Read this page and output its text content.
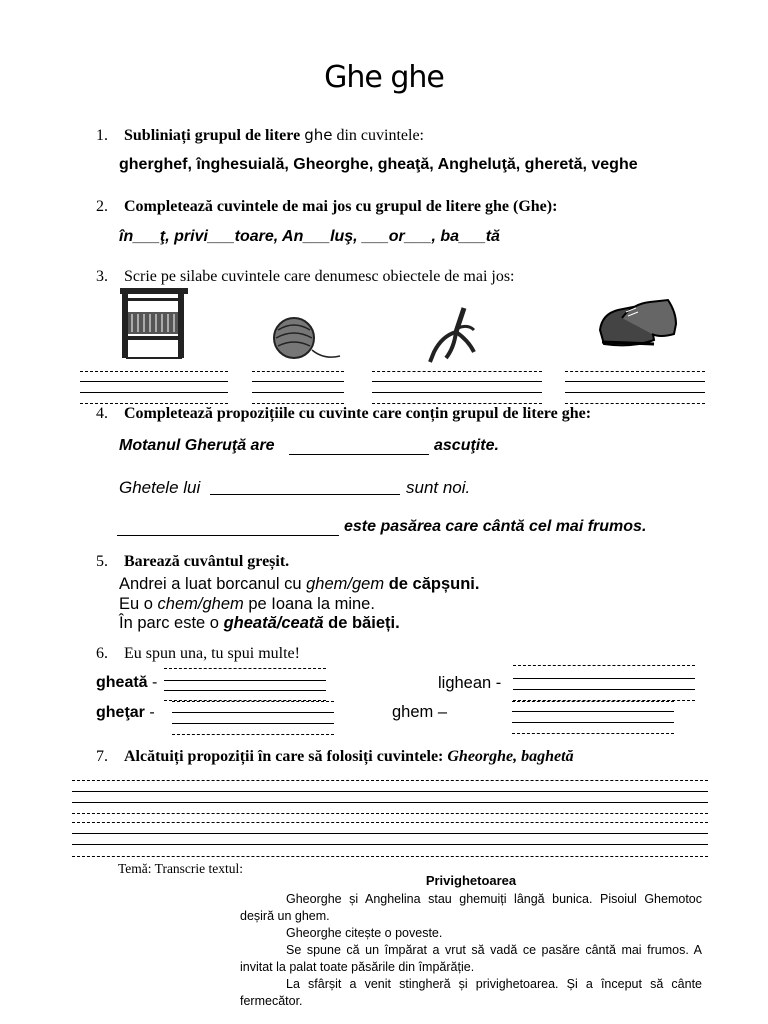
Ghe ghe
1. Subliniați grupul de litere ghe din cuvintele:
gherghef, înghesuială, Gheorghe, gheaţă, Angheluţă, gheretă, veghe
2. Completează cuvintele de mai jos cu grupul de litere ghe (Ghe):
în___ţ, privi___toare, An___luş, ___or___, ba___tă
3. Scrie pe silabe cuvintele care denumesc obiectele de mai jos:
4. Completează propozițiile cu cuvinte care conțin grupul de litere ghe:
Motanul Gheruţă are	ascuţite.
Ghetele lui	sunt noi.
este pasărea care cântă cel mai frumos.
5. Barează cuvântul greșit.
Andrei a luat borcanul cu ghem/gem de căpșuni.
Eu o chem/ghem pe Ioana la mine.
În parc este o gheată/ceată de băieți.
6. Eu spun una, tu spui multe!
gheată -	lighean -
gheţar -	ghem –
7. Alcătuiți propoziții în care să folosiți cuvintele: Gheorghe, baghetă
Temă: Transcrie textul:
Privighetoarea

Gheorghe și Anghelina stau ghemuiți lângă bunica. Pisoiul Ghemotoc deșiră un ghem.

Gheorghe citește o poveste.

Se spune că un împărat a vrut să vadă ce pasăre cântă mai frumos. A invitat la palat toate păsările din împărăție.

La sfârșit a venit stingheră și privighetoarea. Și a început să cânte fermecător.
